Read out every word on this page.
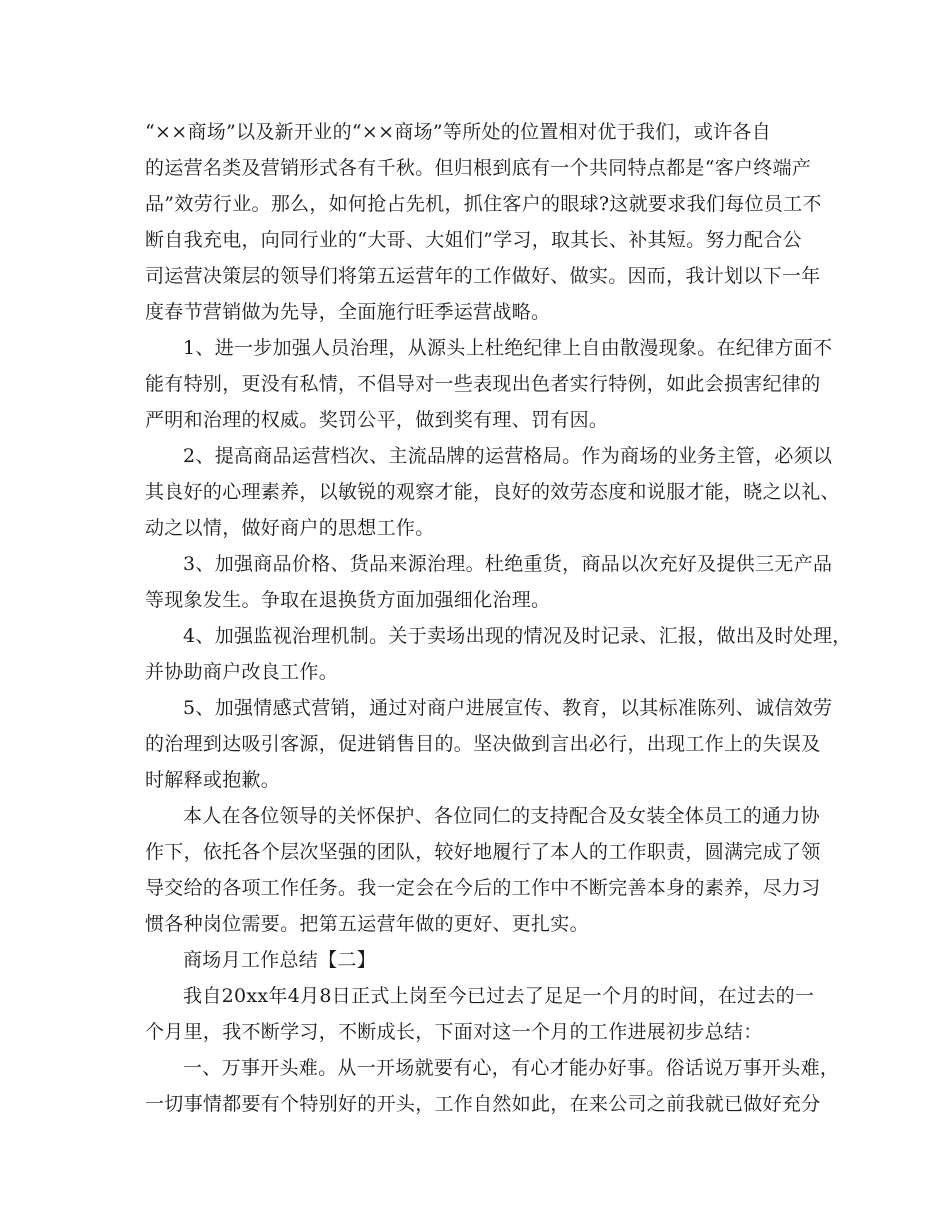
“××商场”以及新开业的“××商场”等所处的位置相对优于我们，或许各自
的运营名类及营销形式各有千秋。但归根到底有一个共同特点都是“客户终端产
品”效劳行业。那么，如何抢占先机，抓住客户的眼球?这就要求我们每位员工不
断自我充电，向同行业的“大哥、大姐们”学习，取其长、补其短。努力配合公
司运营决策层的领导们将第五运营年的工作做好、做实。因而，我计划以下一年
度春节营销做为先导，全面施行旺季运营战略。
1、进一步加强人员治理，从源头上杜绝纪律上自由散漫现象。在纪律方面不
能有特别，更没有私情，不倡导对一些表现出色者实行特例，如此会损害纪律的
严明和治理的权威。奖罚公平，做到奖有理、罚有因。
2、提高商品运营档次、主流品牌的运营格局。作为商场的业务主管，必须以
其良好的心理素养，以敏锐的观察才能，良好的效劳态度和说服才能，晓之以礼、
动之以情，做好商户的思想工作。
3、加强商品价格、货品来源治理。杜绝重货，商品以次充好及提供三无产品
等现象发生。争取在退换货方面加强细化治理。
4、加强监视治理机制。关于卖场出现的情况及时记录、汇报，做出及时处理，
并协助商户改良工作。
5、加强情感式营销，通过对商户进展宣传、教育，以其标准陈列、诚信效劳
的治理到达吸引客源，促进销售目的。坚决做到言出必行，出现工作上的失误及
时解释或抱歉。
本人在各位领导的关怀保护、各位同仁的支持配合及女装全体员工的通力协
作下，依托各个层次坚强的团队，较好地履行了本人的工作职责，圆满完成了领
导交给的各项工作任务。我一定会在今后的工作中不断完善本身的素养，尽力习
惯各种岗位需要。把第五运营年做的更好、更扎实。
商场月工作总结【二】
我自20xx年4月8日正式上岗至今已过去了足足一个月的时间，在过去的一
个月里，我不断学习，不断成长，下面对这一个月的工作进展初步总结：
一、万事开头难。从一开场就要有心，有心才能办好事。俗话说万事开头难，
一切事情都要有个特别好的开头，工作自然如此，在来公司之前我就已做好充分
